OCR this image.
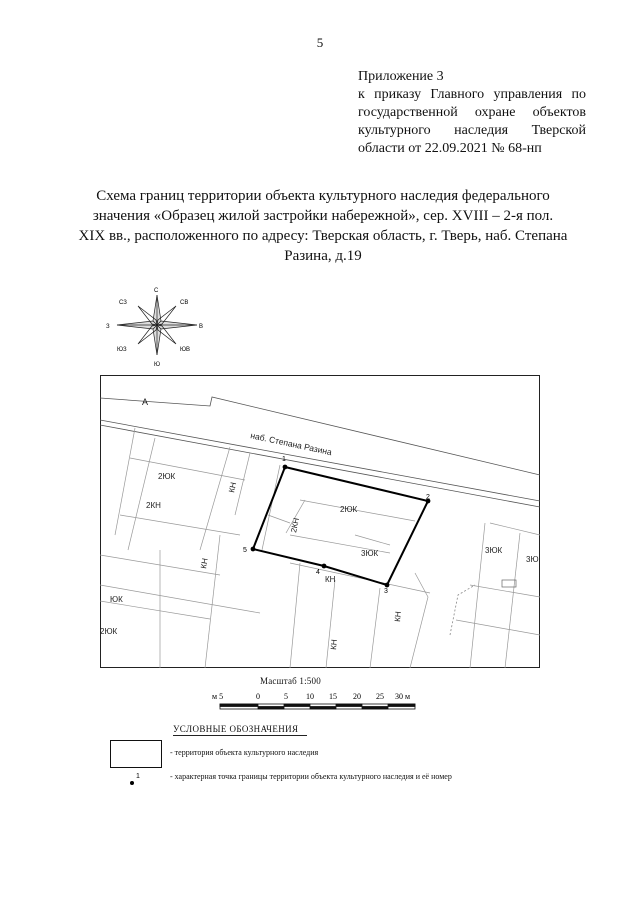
5
Приложение 3
к приказу Главного управления по
государственной охране объектов
культурного наследия Тверской
области от 22.09.2021 № 68-нп
Схема границ территории объекта культурного наследия федерального значения «Образец жилой застройки набережной», сер. XVIII – 2-я пол. XIX вв., расположенного по адресу: Тверская область, г. Тверь, наб. Степана Разина, д.19
С
Ю
З	В
СЗ	СВ
ЮЗ	ЮВ
1
2
3
4
5
А
наб. Степана Разина
2ЮК
КН
2КН	2ЮК
2КН
3ЮК
КН
КН
ЮК
2ЮК
КН
КН
3ЮК
3Ю
Масштаб 1:500
м 5	0	5 10 15 20 25 30 м
УСЛОВНЫЕ ОБОЗНАЧЕНИЯ
- территория объекта культурного наследия
1	- характерная точка границы территории объекта культурного наследия и её номер
